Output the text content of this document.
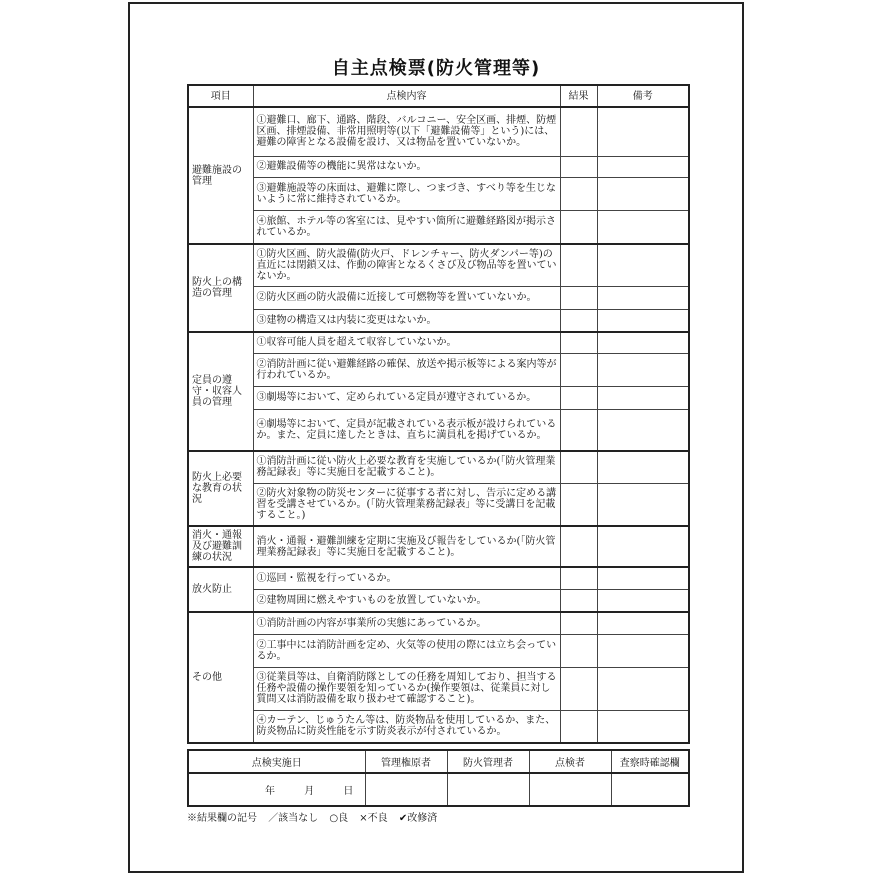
自主点検票(防火管理等)
項目	点検内容	結果	備考
避難施設の管理	①避難口、廊下、通路、階段、バルコニー、安全区画、排煙、防煙区画、排煙設備、非常用照明等(以下「避難設備等」という)には、避難の障害となる設備を設け、又は物品を置いていないか。		
	②避難設備等の機能に異常はないか。		
	③避難施設等の床面は、避難に際し、つまづき、すべり等を生じないように常に維持されているか。		
	④旅館、ホテル等の客室には、見やすい箇所に避難経路図が掲示されているか。		
防火上の構造の管理	①防火区画、防火設備(防火戸、ドレンチャー、防火ダンパー等)の直近には閉鎖又は、作動の障害となるくさび及び物品等を置いていないか。		
	②防火区画の防火設備に近接して可燃物等を置いていないか。		
	③建物の構造又は内装に変更はないか。		
定員の遵守・収容人員の管理	①収容可能人員を超えて収容していないか。		
	②消防計画に従い避難経路の確保、放送や掲示板等による案内等が行われているか。		
	③劇場等において、定められている定員が遵守されているか。		
	④劇場等において、定員が記載されている表示板が設けられているか。また、定員に達したときは、直ちに満員札を掲げているか。		
防火上必要な教育の状況	①消防計画に従い防火上必要な教育を実施しているか(「防火管理業務記録表」等に実施日を記載すること)。		
	②防火対象物の防災センターに従事する者に対し、告示に定める講習を受講させているか。(「防火管理業務記録表」等に受講日を記載すること。)		
消火・通報及び避難訓練の状況	消火・通報・避難訓練を定期に実施及び報告をしているか(「防火管理業務記録表」等に実施日を記載すること)。		
放火防止	①巡回・監視を行っているか。		
	②建物周囲に燃えやすいものを放置していないか。		
その他	①消防計画の内容が事業所の実態にあっているか。		
	②工事中には消防計画を定め、火気等の使用の際には立ち会っているか。		
	③従業員等は、自衛消防隊としての任務を周知しており、担当する任務や設備の操作要領を知っているか(操作要領は、従業員に対し質問又は消防設備を取り扱わせて確認すること)。		
	④カーテン、じゅうたん等は、防炎物品を使用しているか、また、防炎物品に防炎性能を示す防炎表示が付されているか。		
点検実施日	管理権原者	防火管理者	点検者	査察時確認欄
年 月 日				
※結果欄の記号 ／該当なし ○良 ×不良 ✔改修済
